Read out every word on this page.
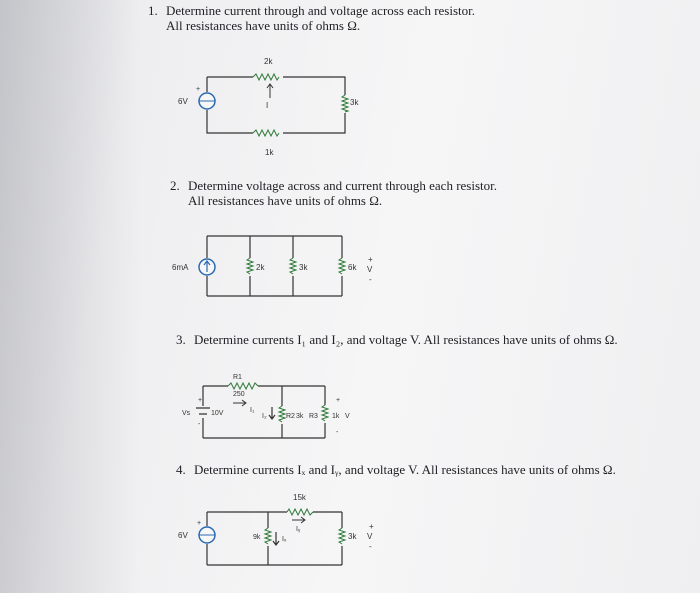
1. Determine current through and voltage across each resistor.
All resistances have units of ohms Ω.
2. Determine voltage across and current through each resistor.
All resistances have units of ohms Ω.
3. Determine currents I₁ and I₂, and voltage V. All resistances have units of ohms Ω.
4. Determine currents Iₓ and Iᵧ, and voltage V. All resistances have units of ohms Ω.
+
2k
I
6V	3k
1k
6mA	2k	3k	6k
+
V
-
R1
250
Vs	10V
+
-
I₁
I₂	R2 3k R3 1k V
+
-
+
15k
Iᵧ
6V	9k	Iₓ	3k
+
V
-
